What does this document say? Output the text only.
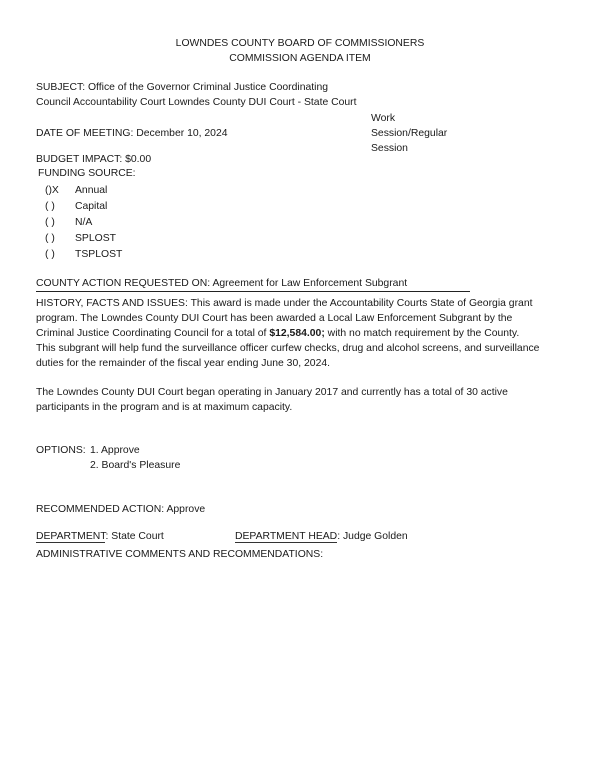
LOWNDES COUNTY BOARD OF COMMISSIONERS
COMMISSION AGENDA ITEM
SUBJECT: Office of the Governor Criminal Justice Coordinating
Council Accountability Court Lowndes County DUI Court - State Court
DATE OF MEETING: December 10, 2024
Work
Session/Regular
Session
BUDGET IMPACT: $0.00
FUNDING SOURCE:
()X	Annual
( )	Capital
( )	N/A
( )	SPLOST
( )	TSPLOST
COUNTY ACTION REQUESTED ON: Agreement for Law Enforcement Subgrant
HISTORY, FACTS AND ISSUES: This award is made under the Accountability Courts State of Georgia grant
program. The Lowndes County DUI Court has been awarded a Local Law Enforcement Subgrant by the
Criminal Justice Coordinating Council for a total of $12,584.00; with no match requirement by the County.
This subgrant will help fund the surveillance officer curfew checks, drug and alcohol screens, and surveillance
duties for the remainder of the fiscal year ending June 30, 2024.
The Lowndes County DUI Court began operating in January 2017 and currently has a total of 30 active
participants in the program and is at maximum capacity.
OPTIONS: 1. Approve
2. Board's Pleasure
RECOMMENDED ACTION: Approve
DEPARTMENT: State Court	DEPARTMENT HEAD: Judge Golden
ADMINISTRATIVE COMMENTS AND RECOMMENDATIONS:
